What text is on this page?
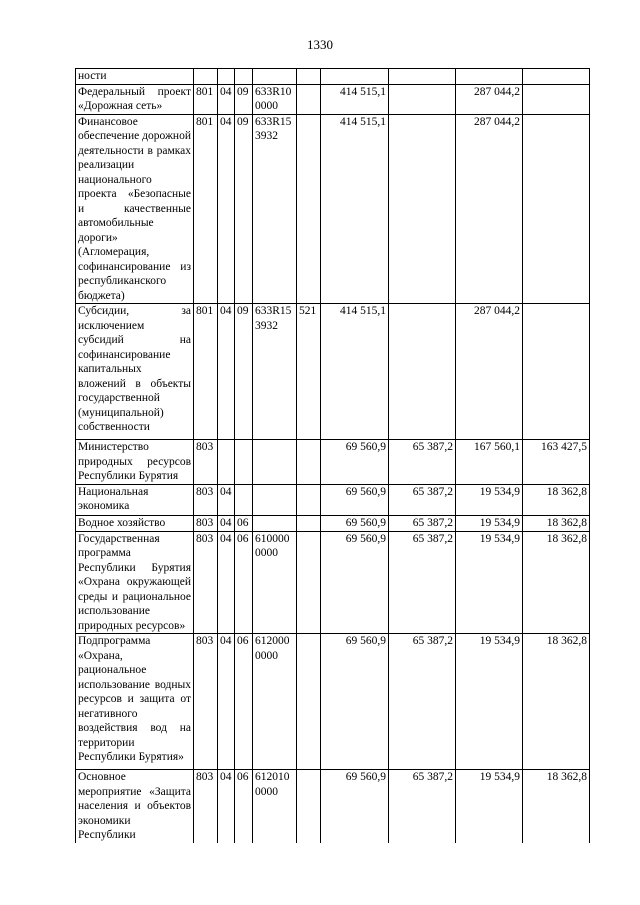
1330
ности									
Федеральный проект «Дорожная сеть»	801	04	09	633R10 0000		414 515,1		287 044,2	
Финансовое обеспечение дорожной деятельности в рамках реализации национального проекта «Безопасные и качественные автомобильные дороги» (Агломерация, софинансирование из республиканского бюджета)	801	04	09	633R15 3932		414 515,1		287 044,2	
Субсидии, за исключением субсидий на софинансирование капитальных вложений в объекты государственной (муниципальной) собственности	801	04	09	633R15 3932	521	414 515,1		287 044,2	
Министерство природных ресурсов Республики Бурятия	803					69 560,9	65 387,2	167 560,1	163 427,5
Национальная экономика	803	04				69 560,9	65 387,2	19 534,9	18 362,8
Водное хозяйство	803	04	06			69 560,9	65 387,2	19 534,9	18 362,8
Государственная программа Республики Бурятия «Охрана окружающей среды и рациональное использование природных ресурсов»	803	04	06	610000 0000		69 560,9	65 387,2	19 534,9	18 362,8
Подпрограмма «Охрана, рациональное использование водных ресурсов и защита от негативного воздействия вод на территории Республики Бурятия»	803	04	06	612000 0000		69 560,9	65 387,2	19 534,9	18 362,8
Основное мероприятие «Защита населения и объектов экономики Республики	803	04	06	612010 0000		69 560,9	65 387,2	19 534,9	18 362,8
